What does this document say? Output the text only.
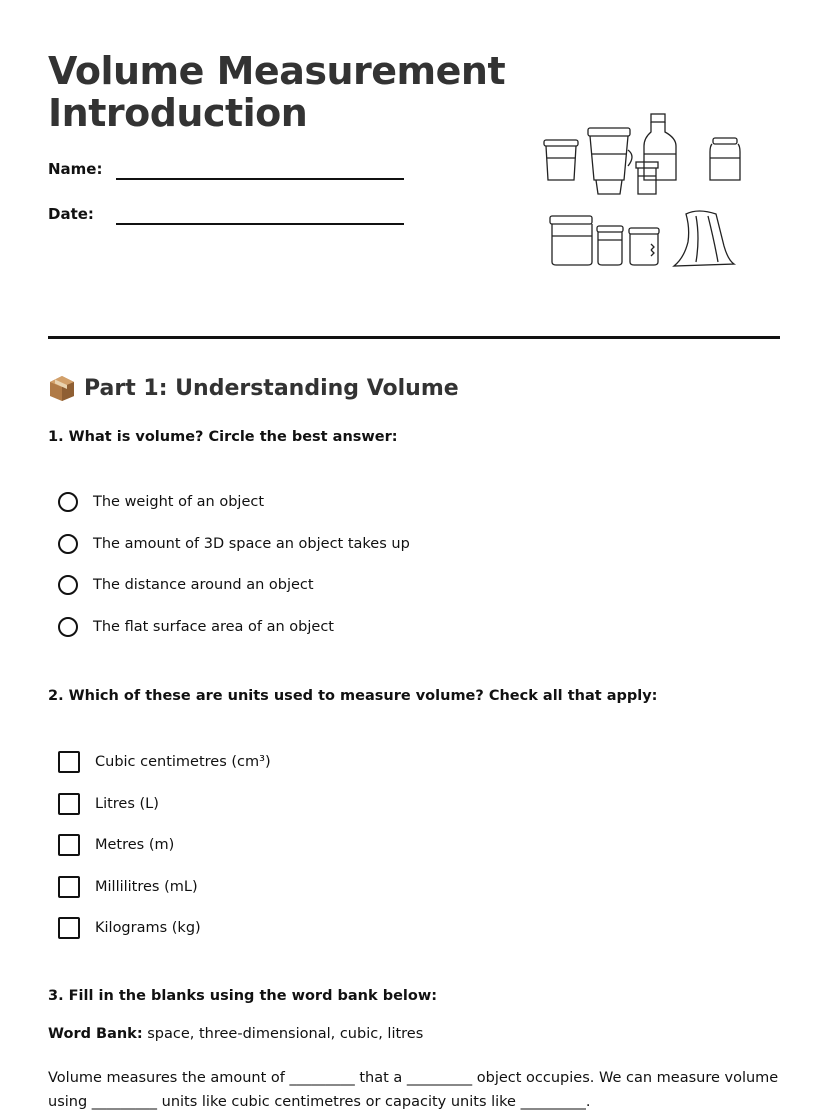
Volume Measurement
Introduction
Name:
Date:
Part 1: Understanding Volume
1. What is volume? Circle the best answer:
The weight of an object
The amount of 3D space an object takes up
The distance around an object
The flat surface area of an object
2. Which of these are units used to measure volume? Check all that apply:
Cubic centimetres (cm³)
Litres (L)
Metres (m)
Millilitres (mL)
Kilograms (kg)
3. Fill in the blanks using the word bank below:
Word Bank: space, three-dimensional, cubic, litres
Volume measures the amount of _________ that a _________ object occupies. We can measure volume using _________ units like cubic centimetres or capacity units like _________.
